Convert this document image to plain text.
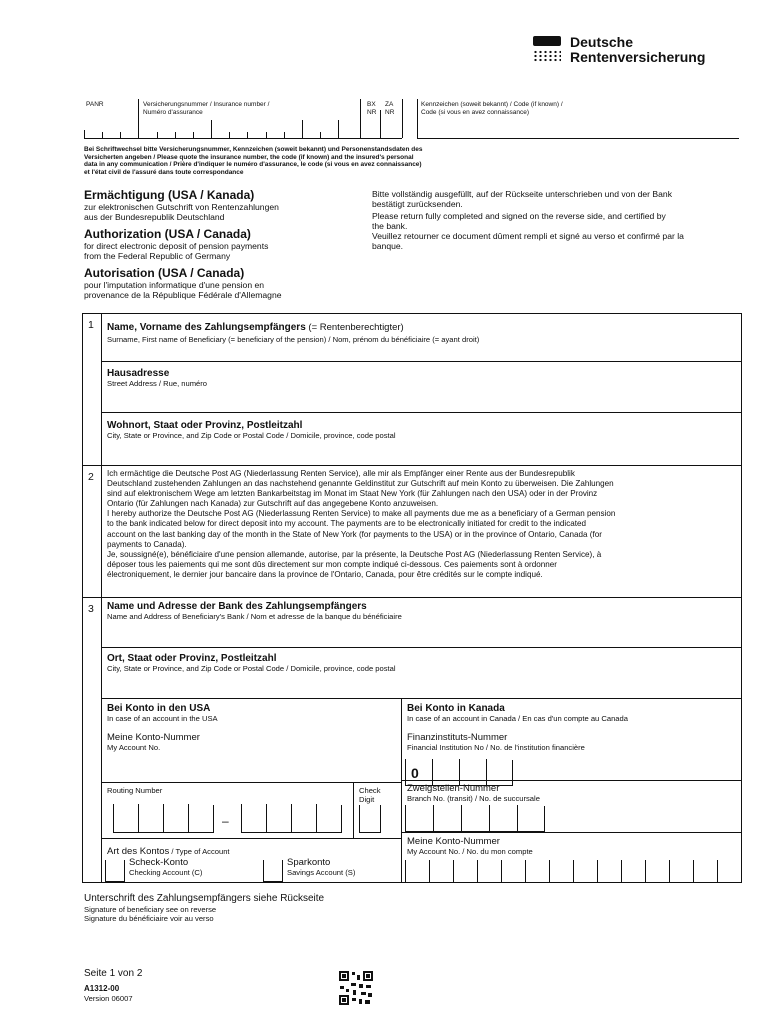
Deutsche
Rentenversicherung
PANR	Versicherungsnummer / Insurance number /
Numéro d'assurance
BX ZA
NR NR
Kennzeichen (soweit bekannt) / Code (if known) /
Code (si vous en avez connaissance)
Bei Schriftwechsel bitte Versicherungsnummer, Kennzeichen (soweit bekannt) und Personenstandsdaten des
Versicherten angeben / Please quote the insurance number, the code (if known) and the insured's personal
data in any communication / Prière d'indiquer le numéro d'assurance, le code (si vous en avez connaissance)
et l'état civil de l'assuré dans toute correspondance
Ermächtigung (USA / Kanada)
zur elektronischen Gutschrift von Rentenzahlungen
aus der Bundesrepublik Deutschland
Authorization (USA / Canada)
for direct electronic deposit of pension payments
from the Federal Republic of Germany
Autorisation (USA / Canada)
pour l'imputation informatique d'une pension en
provenance de la République Fédérale d'Allemagne
Bitte vollständig ausgefüllt, auf der Rückseite unterschrieben und von der Bank
bestätigt zurücksenden.
Please return fully completed and signed on the reverse side, and certified by
the bank.
Veuillez retourner ce document dûment rempli et signé au verso et confirmé par la
banque.
1 Name, Vorname des Zahlungsempfängers (= Rentenberechtigter)
Surname, First name of Beneficiary (= beneficiary of the pension) / Nom, prénom du bénéficiaire (= ayant droit)
Hausadresse
Street Address / Rue, numéro
Wohnort, Staat oder Provinz, Postleitzahl
City, State or Province, and Zip Code or Postal Code / Domicile, province, code postal
2 Ich ermächtige die Deutsche Post AG (Niederlassung Renten Service), alle mir als Empfänger einer Rente aus der Bundesrepublik
Deutschland zustehenden Zahlungen an das nachstehend genannte Geldinstitut zur Gutschrift auf mein Konto zu überweisen. Die Zahlungen
sind auf elektronischem Wege am letzten Bankarbeitstag im Monat im Staat New York (für Zahlungen nach den USA) oder in der Provinz
Ontario (für Zahlungen nach Kanada) zur Gutschrift auf das angegebene Konto anzuweisen.
I hereby authorize the Deutsche Post AG (Niederlassung Renten Service) to make all payments due me as a beneficiary of a German pension
to the bank indicated below for direct deposit into my account. The payments are to be electronically initiated for credit to the indicated
account on the last banking day of the month in the State of New York (for payments to the USA) or in the province of Ontario, Canada (for
payments to Canada).
Je, soussigné(e), bénéficiaire d'une pension allemande, autorise, par la présente, la Deutsche Post AG (Niederlassung Renten Service), à
déposer tous les paiements qui me sont dûs directement sur mon compte indiqué ci-dessous. Ces paiements sont à ordonner
électroniquement, le dernier jour bancaire dans la province de l'Ontario, Canada, pour être crédités sur le compte indiqué.
3 Name und Adresse der Bank des Zahlungsempfängers
Name and Address of Beneficiary's Bank / Nom et adresse de la banque du bénéficiaire
Ort, Staat oder Provinz, Postleitzahl
City, State or Province, and Zip Code or Postal Code / Domicile, province, code postal
Bei Konto in den USA
In case of an account in the USA
Meine Konto-Nummer
My Account No.
Routing Number	Check
Digit
–
Art des Kontos / Type of Account
Scheck-Konto
Checking Account (C)
Sparkonto
Savings Account (S)
Bei Konto in Kanada
In case of an account in Canada / En cas d'un compte au Canada
Finanzinstituts-Nummer
Financial Institution No / No. de l'institution financière
0
Zweigstellen-Nummer
Branch No. (transit) / No. de succursale
Meine Konto-Nummer
My Account No. / No. du mon compte
Unterschrift des Zahlungsempfängers siehe Rückseite
Signature of beneficiary see on reverse
Signature du bénéficiaire voir au verso
Seite 1 von 2
A1312-00
Version 06007
